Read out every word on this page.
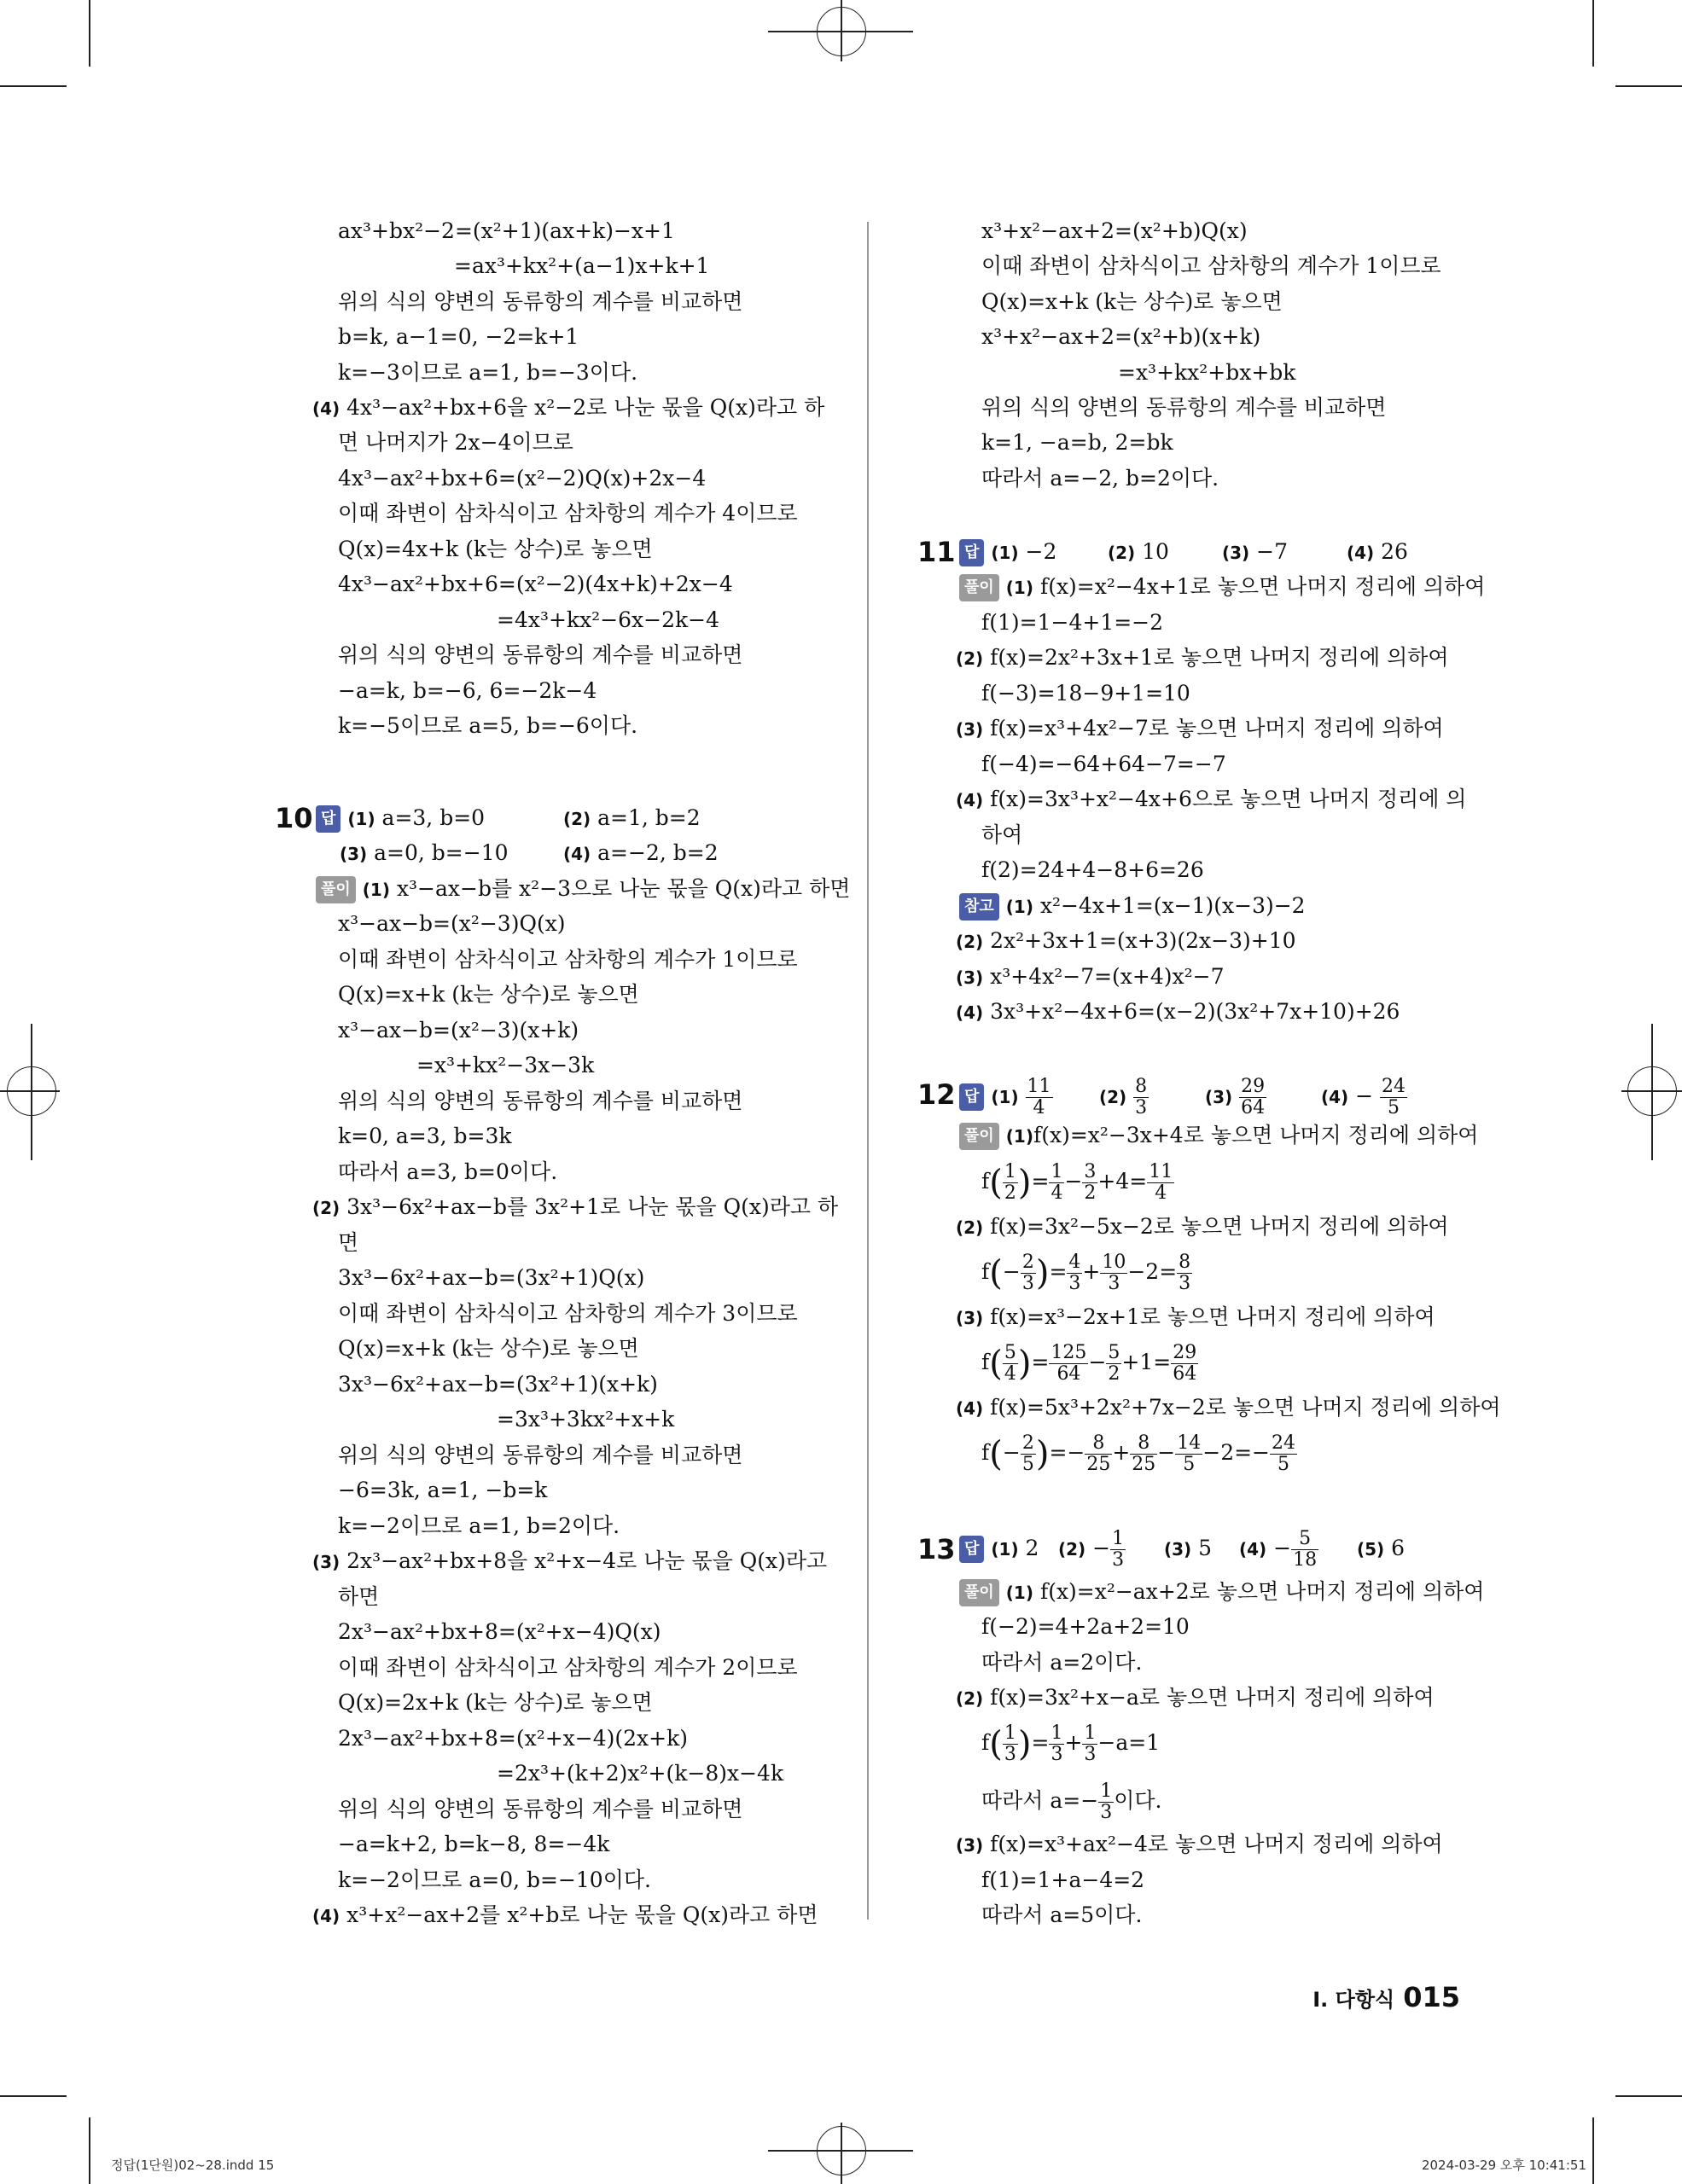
ax³+bx²−2=(x²+1)(ax+k)−x+1
=ax³+kx²+(a−1)x+k+1
위의 식의 양변의 동류항의 계수를 비교하면
b=k, a−1=0, −2=k+1
k=−3이므로 a=1, b=−3이다.
(4) 4x³−ax²+bx+6을 x²−2로 나눈 몫을 Q(x)라고 하
면 나머지가 2x−4이므로
4x³−ax²+bx+6=(x²−2)Q(x)+2x−4
이때 좌변이 삼차식이고 삼차항의 계수가 4이므로
Q(x)=4x+k (k는 상수)로 놓으면
4x³−ax²+bx+6=(x²−2)(4x+k)+2x−4
=4x³+kx²−6x−2k−4
위의 식의 양변의 동류항의 계수를 비교하면
−a=k, b=−6, 6=−2k−4
k=−5이므로 a=5, b=−6이다.
10 답 (1) a=3, b=0	(2) a=1, b=2
(3) a=0, b=−10	(4) a=−2, b=2
풀이 (1) x³−ax−b를 x²−3으로 나눈 몫을 Q(x)라고 하면
x³−ax−b=(x²−3)Q(x)
이때 좌변이 삼차식이고 삼차항의 계수가 1이므로
Q(x)=x+k (k는 상수)로 놓으면
x³−ax−b=(x²−3)(x+k)
=x³+kx²−3x−3k
위의 식의 양변의 동류항의 계수를 비교하면
k=0, a=3, b=3k
따라서 a=3, b=0이다.
(2) 3x³−6x²+ax−b를 3x²+1로 나눈 몫을 Q(x)라고 하
면
3x³−6x²+ax−b=(3x²+1)Q(x)
이때 좌변이 삼차식이고 삼차항의 계수가 3이므로
Q(x)=x+k (k는 상수)로 놓으면
3x³−6x²+ax−b=(3x²+1)(x+k)
=3x³+3kx²+x+k
위의 식의 양변의 동류항의 계수를 비교하면
−6=3k, a=1, −b=k
k=−2이므로 a=1, b=2이다.
(3) 2x³−ax²+bx+8을 x²+x−4로 나눈 몫을 Q(x)라고
하면
2x³−ax²+bx+8=(x²+x−4)Q(x)
이때 좌변이 삼차식이고 삼차항의 계수가 2이므로
Q(x)=2x+k (k는 상수)로 놓으면
2x³−ax²+bx+8=(x²+x−4)(2x+k)
=2x³+(k+2)x²+(k−8)x−4k
위의 식의 양변의 동류항의 계수를 비교하면
−a=k+2, b=k−8, 8=−4k
k=−2이므로 a=0, b=−10이다.
(4) x³+x²−ax+2를 x²+b로 나눈 몫을 Q(x)라고 하면
x³+x²−ax+2=(x²+b)Q(x)
이때 좌변이 삼차식이고 삼차항의 계수가 1이므로
Q(x)=x+k (k는 상수)로 놓으면
x³+x²−ax+2=(x²+b)(x+k)
=x³+kx²+bx+bk
위의 식의 양변의 동류항의 계수를 비교하면
k=1, −a=b, 2=bk
따라서 a=−2, b=2이다.
11 답 (1) −2	(2) 10	(3) −7	(4) 26
풀이 (1) f(x)=x²−4x+1로 놓으면 나머지 정리에 의하여
f(1)=1−4+1=−2
(2) f(x)=2x²+3x+1로 놓으면 나머지 정리에 의하여
f(−3)=18−9+1=10
(3) f(x)=x³+4x²−7로 놓으면 나머지 정리에 의하여
f(−4)=−64+64−7=−7
(4) f(x)=3x³+x²−4x+6으로 놓으면 나머지 정리에 의
하여
f(2)=24+4−8+6=26
참고 (1) x²−4x+1=(x−1)(x−3)−2
(2) 2x²+3x+1=(x+3)(2x−3)+10
(3) x³+4x²−7=(x+4)x²−7
(4) 3x³+x²−4x+6=(x−2)(3x²+7x+10)+26
12 답 $(1) \frac{11}{4}$	$(2) \frac{8}{3}$	$(3) \frac{29}{64}$	$(4) - \frac{24}{5}$
풀이 (1)f(x)=x²−3x+4로 놓으면 나머지 정리에 의하여
$f( \frac{1}{2}$ )= $\frac{1}{4} - \frac{3}{2} +4= \frac{11}{4}$
(2) f(x)=3x²−5x−2로 놓으면 나머지 정리에 의하여
$f(- \frac{2}{3}$ )= $\frac{4}{3} + \frac{10}{3} -2= \frac{8}{3}$
(3) f(x)=x³−2x+1로 놓으면 나머지 정리에 의하여
$f( \frac{5}{4}$ )= $\frac{125}{64} - \frac{5}{2} +1= \frac{29}{64}$
(4) f(x)=5x³+2x²+7x−2로 놓으면 나머지 정리에 의하여
$f(- \frac{2}{5}$ )=− $\frac{8}{25} + \frac{8}{25} - \frac{14}{5} -2=- \frac{24}{5}$
13 답 (1) 2 $(2) - \frac{1}{3} (3)$ 5 $(4) - \frac{5}{18} (5)$ 6
풀이 (1) f(x)=x²−ax+2로 놓으면 나머지 정리에 의하여
f(−2)=4+2a+2=10
따라서 a=2이다.
(2) f(x)=3x²+x−a로 놓으면 나머지 정리에 의하여
$f( \frac{1}{3}$ )= $\frac{1}{3} + \frac{1}{3} -a=1$
따라서 $a=- \frac{1}{3}$ 이다.
(3) f(x)=x³+ax²−4로 놓으면 나머지 정리에 의하여
f(1)=1+a−4=2
따라서 a=5이다.
Ⅰ. 다항식 015
정답(1단원)02~28.indd 15	2024-03-29 오후 10:41:51
